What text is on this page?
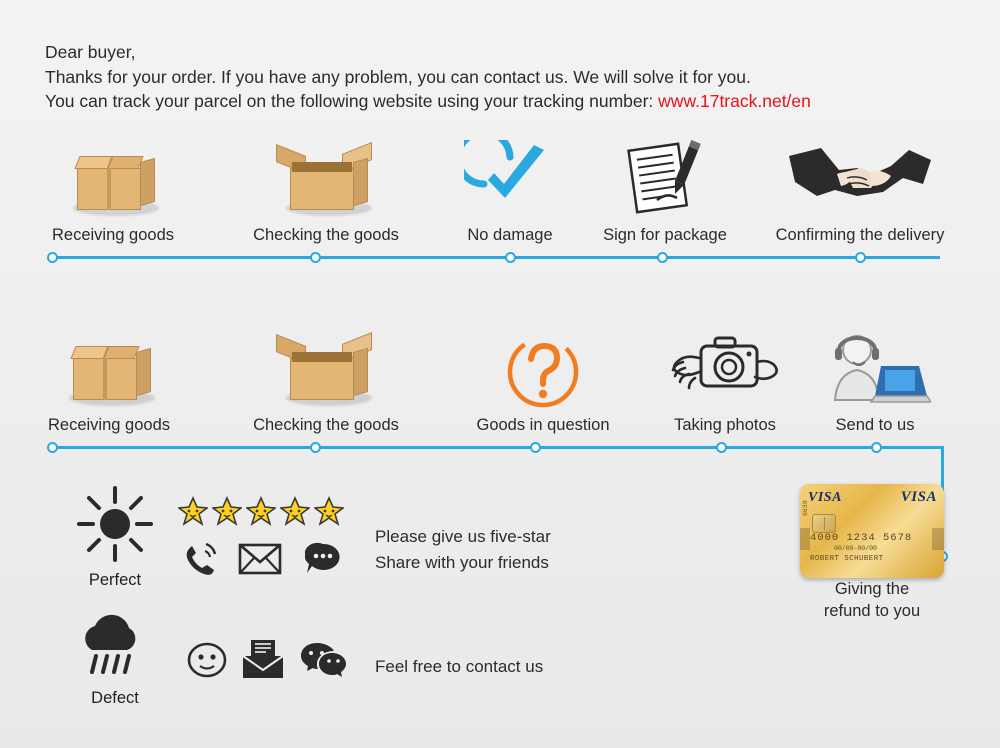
Dear buyer,
Thanks for your order. If you have any problem, you can contact us. We will solve it for you.
You can track your parcel on the following website using your tracking number: www.17track.net/en
Receiving goods	Checking the goods	No damage	Sign for package	Confirming the delivery
Receiving goods	Checking the goods	Goods in question	Taking photos	Send to us
Perfect
Please give us five-star
Share with your friends
Defect
Feel free to contact us
VISA	VISA
6639
4000 1234 5678
00/00-00/00
ROBERT SCHUBERT
Giving the
refund to you
